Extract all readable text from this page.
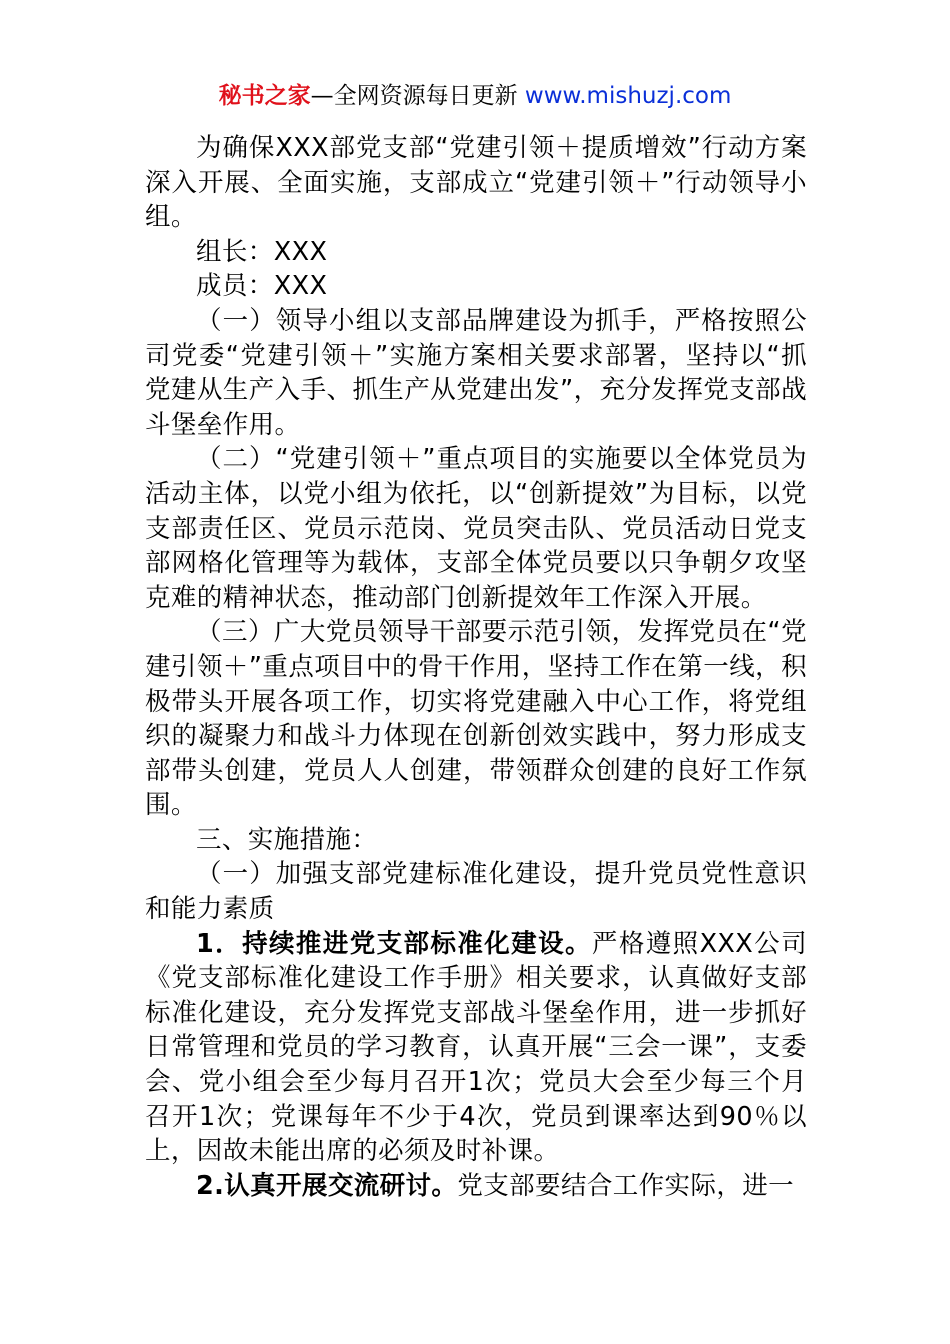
秘书之家—全网资源每日更新 www.mishuzj.com

为确保XXX部党支部“党建引领＋提质增效”行动方案深入开展、全面实施，支部成立“党建引领＋”行动领导小组。

组长：XXX

成员：XXX

（一）领导小组以支部品牌建设为抓手，严格按照公司党委“党建引领＋”实施方案相关要求部署，坚持以“抓党建从生产入手、抓生产从党建出发”，充分发挥党支部战斗堡垒作用。

（二）“党建引领＋”重点项目的实施要以全体党员为活动主体，以党小组为依托，以“创新提效”为目标，以党支部责任区、党员示范岗、党员突击队、党员活动日党支部网格化管理等为载体，支部全体党员要以只争朝夕攻坚克难的精神状态，推动部门创新提效年工作深入开展。

（三）广大党员领导干部要示范引领，发挥党员在“党建引领＋”重点项目中的骨干作用，坚持工作在第一线，积极带头开展各项工作，切实将党建融入中心工作，将党组织的凝聚力和战斗力体现在创新创效实践中，努力形成支部带头创建，党员人人创建，带领群众创建的良好工作氛围。

三、实施措施：

（一）加强支部党建标准化建设，提升党员党性意识和能力素质

1．持续推进党支部标准化建设。严格遵照XXX公司《党支部标准化建设工作手册》相关要求，认真做好支部标准化建设，充分发挥党支部战斗堡垒作用，进一步抓好日常管理和党员的学习教育，认真开展“三会一课”，支委会、党小组会至少每月召开1次；党员大会至少每三个月召开1次；党课每年不少于4次，党员到课率达到90％以上，因故未能出席的必须及时补课。

2.认真开展交流研讨。党支部要结合工作实际，进一
